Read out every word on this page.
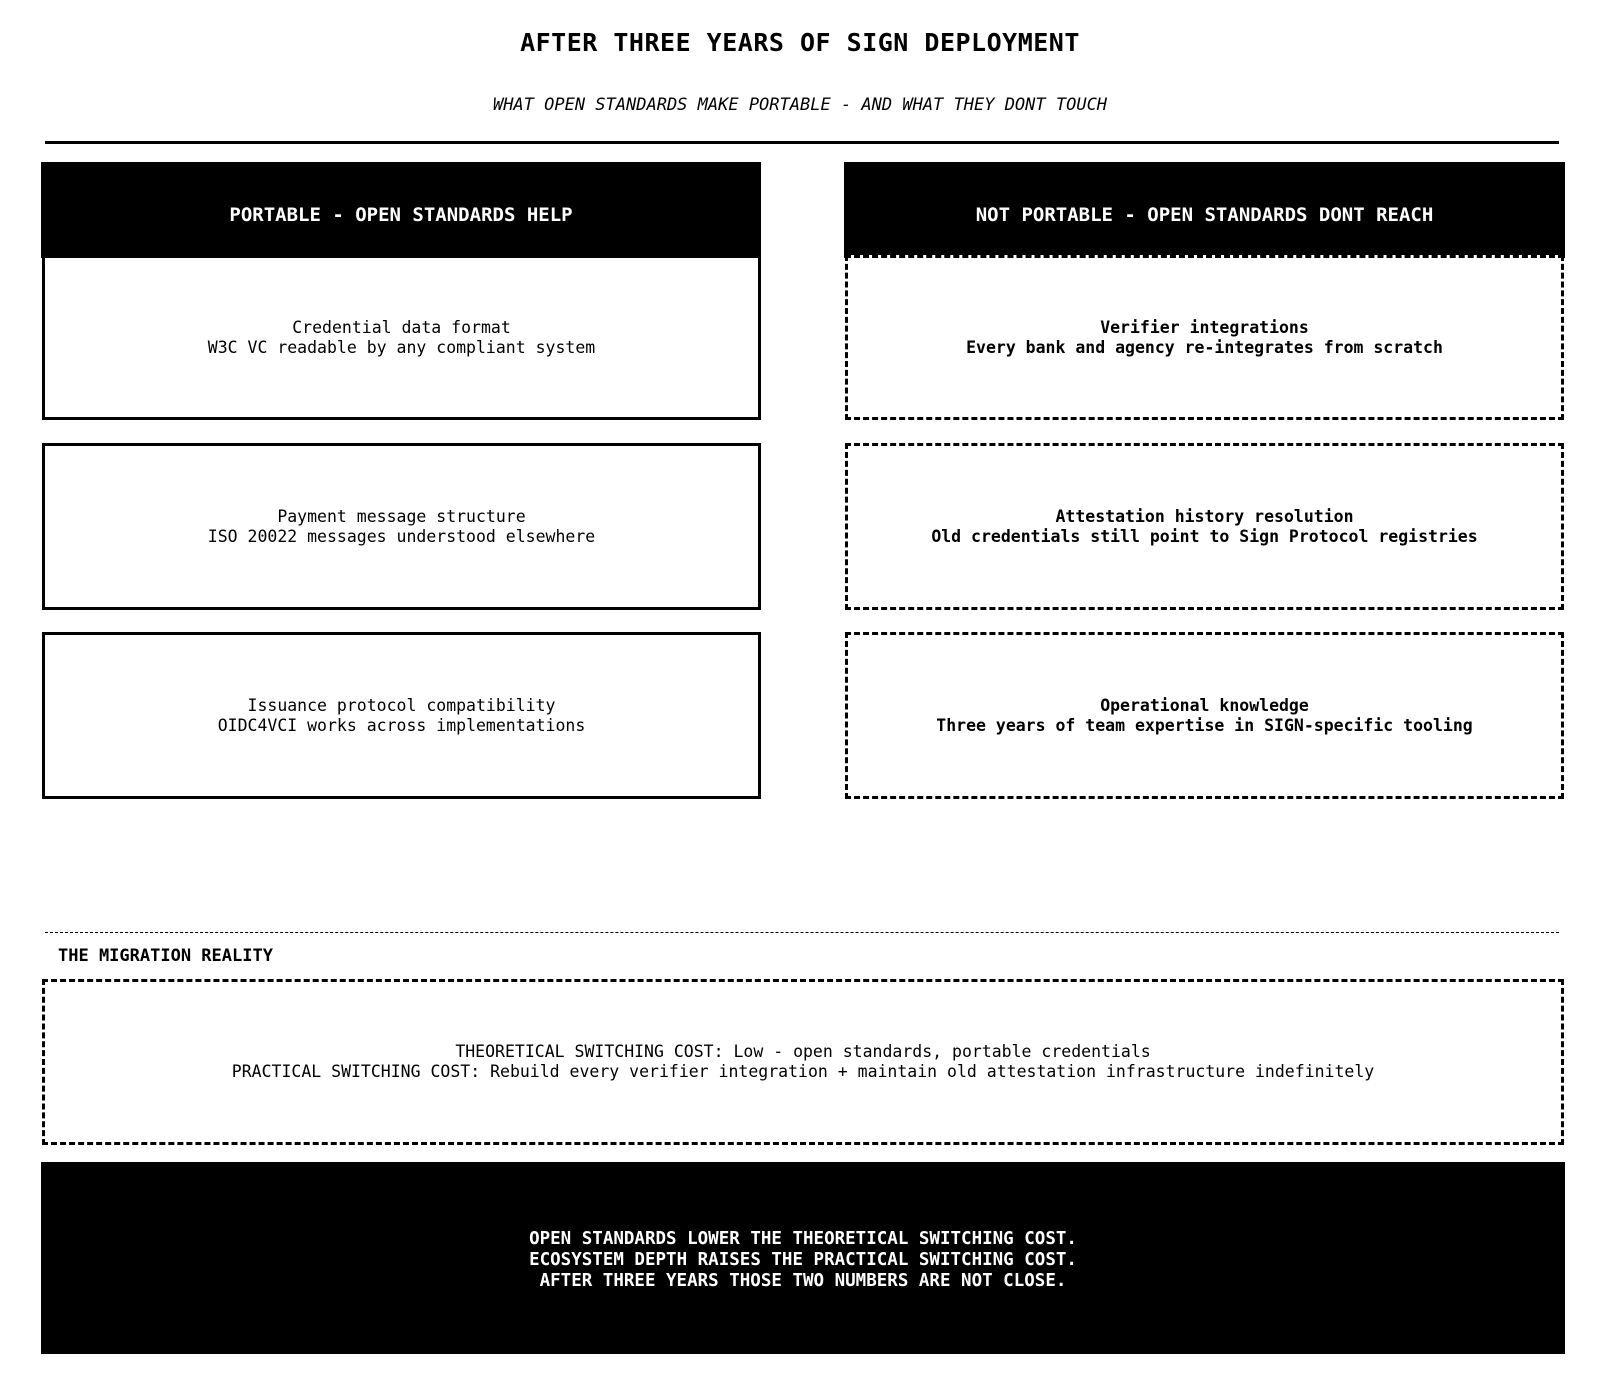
AFTER THREE YEARS OF SIGN DEPLOYMENT
WHAT OPEN STANDARDS MAKE PORTABLE - AND WHAT THEY DONT TOUCH
PORTABLE - OPEN STANDARDS HELP
Credential data format
W3C VC readable by any compliant system
Payment message structure
ISO 20022 messages understood elsewhere
Issuance protocol compatibility
OIDC4VCI works across implementations
NOT PORTABLE - OPEN STANDARDS DONT REACH
Verifier integrations
Every bank and agency re-integrates from scratch
Attestation history resolution
Old credentials still point to Sign Protocol registries
Operational knowledge
Three years of team expertise in SIGN-specific tooling
THE MIGRATION REALITY
THEORETICAL SWITCHING COST: Low - open standards, portable credentials
PRACTICAL SWITCHING COST: Rebuild every verifier integration + maintain old attestation infrastructure indefinitely
OPEN STANDARDS LOWER THE THEORETICAL SWITCHING COST.
ECOSYSTEM DEPTH RAISES THE PRACTICAL SWITCHING COST.
AFTER THREE YEARS THOSE TWO NUMBERS ARE NOT CLOSE.
